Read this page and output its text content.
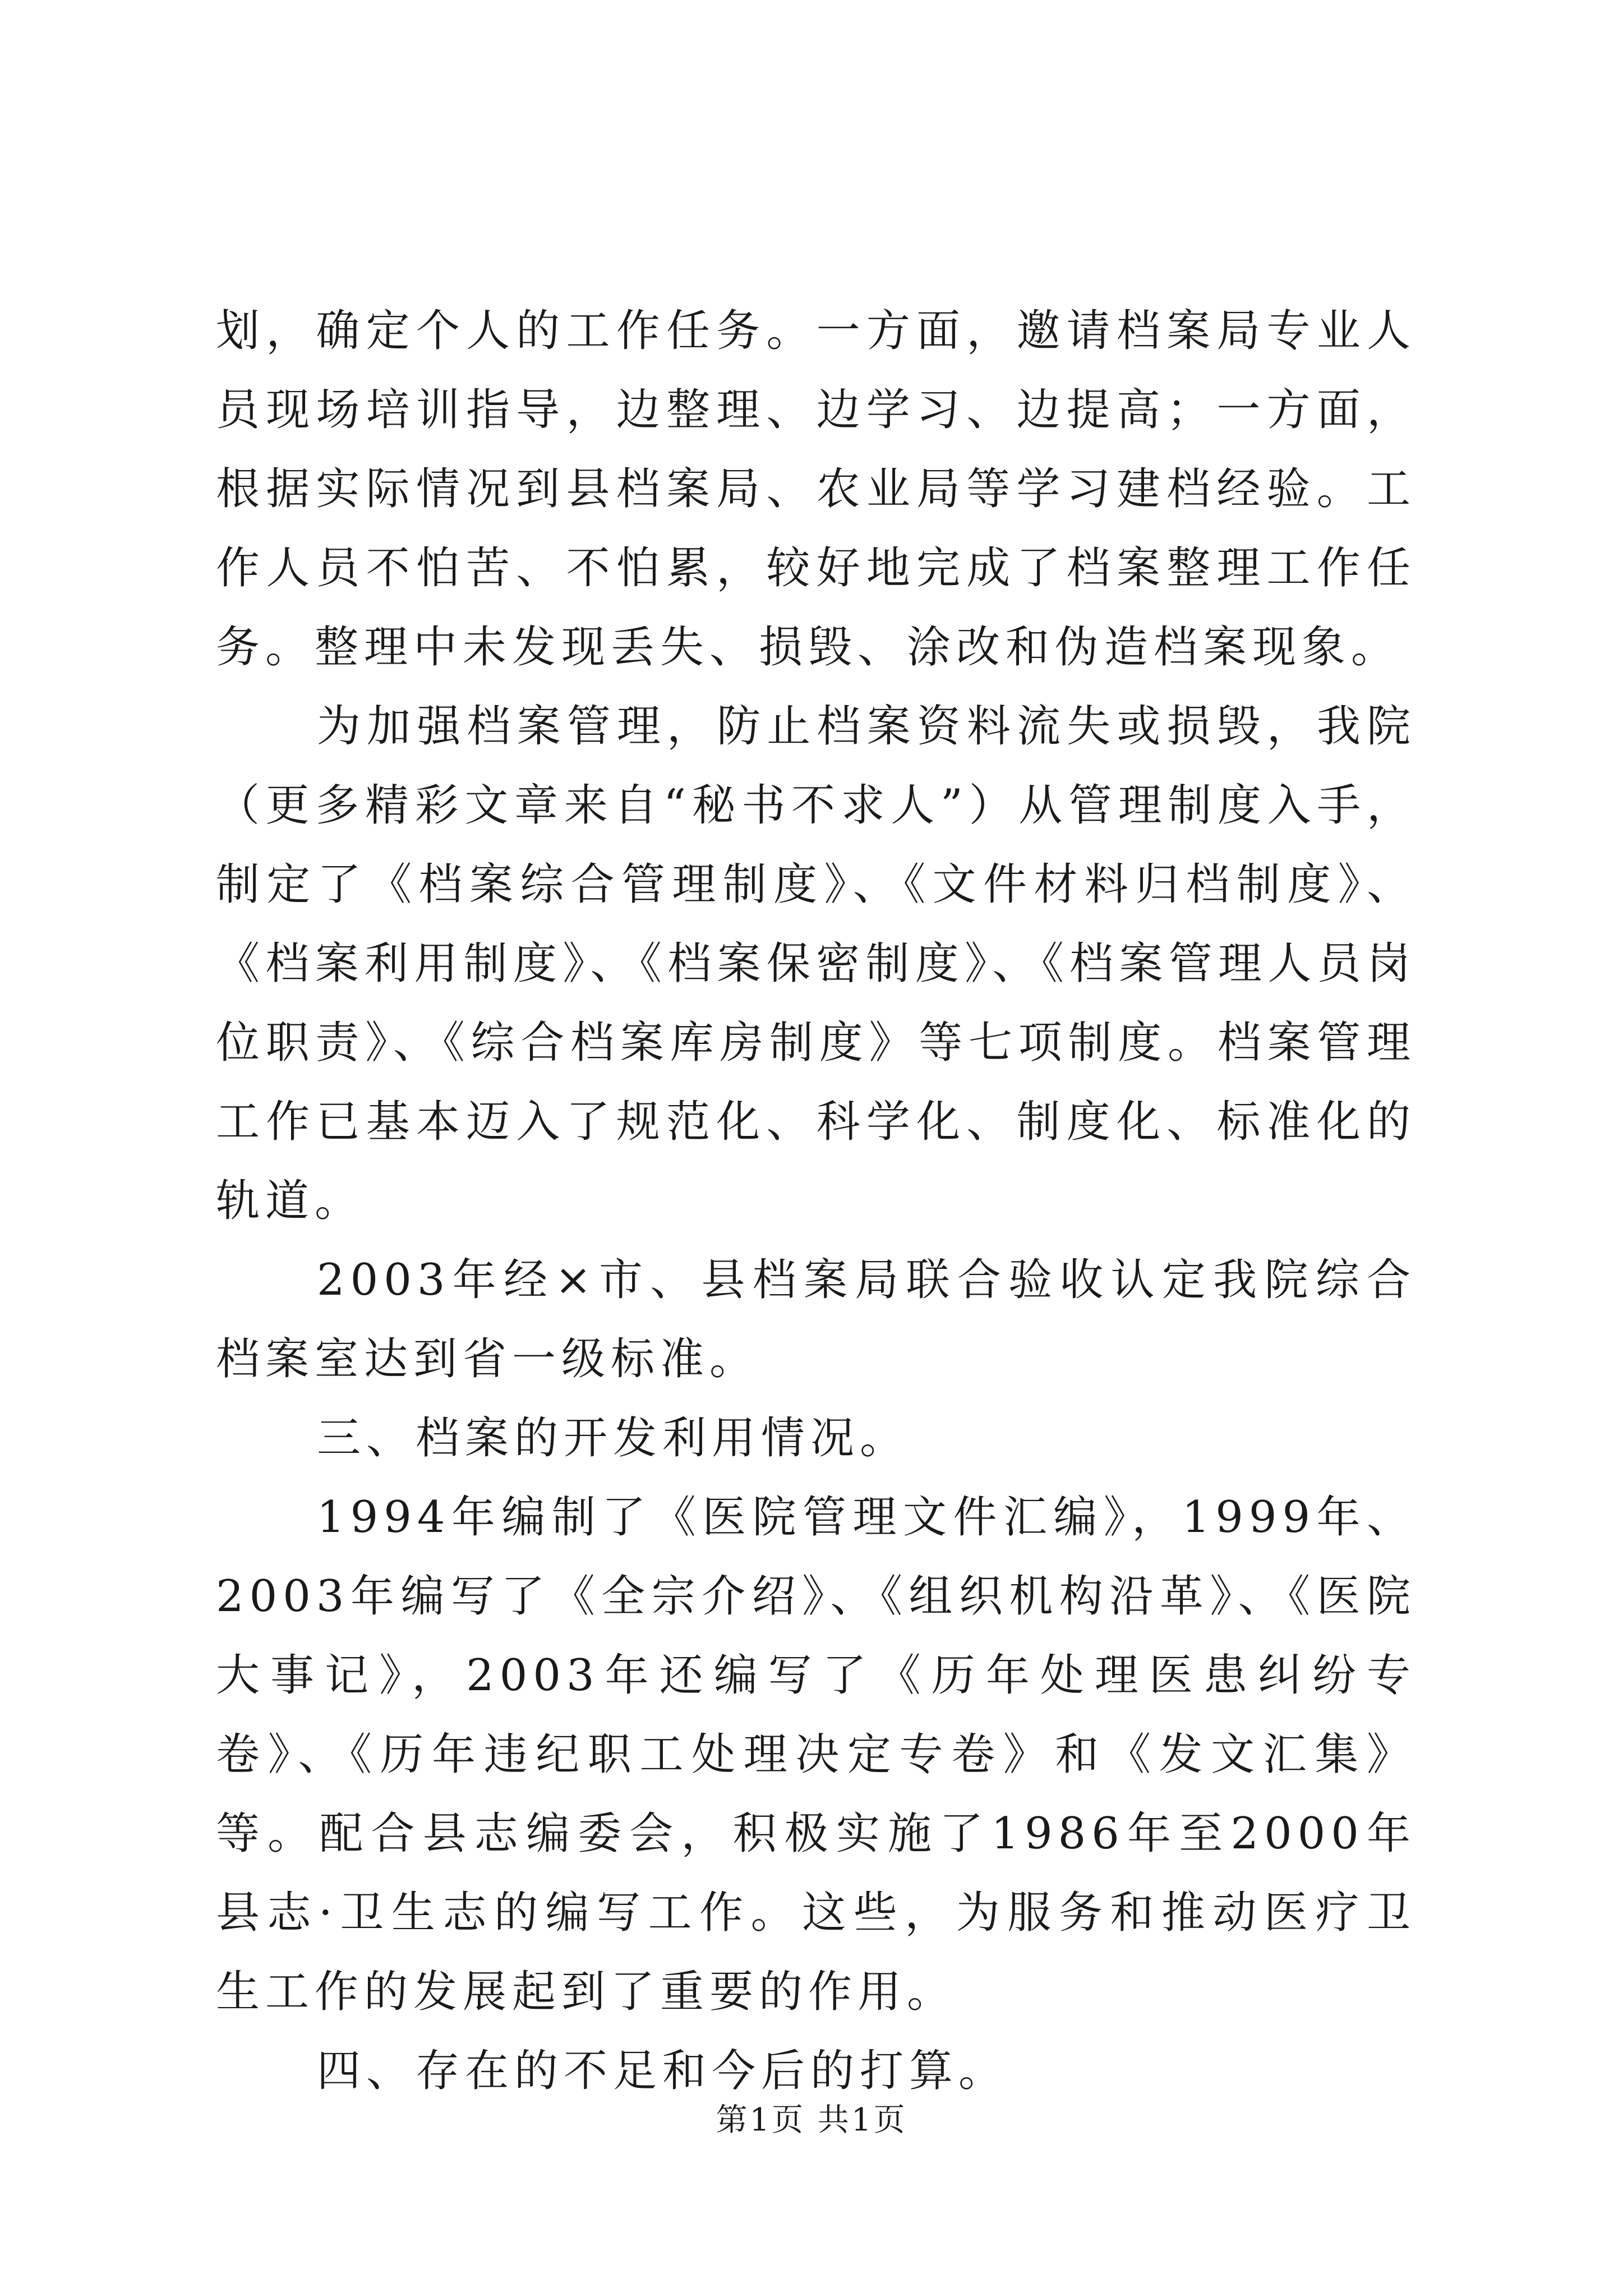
划，确定个人的工作任务。一方面，邀请档案局专业人员现场培训指导，边整理、边学习、边提高；一方面，根据实际情况到县档案局、农业局等学习建档经验。工作人员不怕苦、不怕累，较好地完成了档案整理工作任务。整理中未发现丢失、损毁、涂改和伪造档案现象。

为加强档案管理，防止档案资料流失或损毁，我院（更多精彩文章来自“秘书不求人”）从管理制度入手，制定了《档案综合管理制度》、《文件材料归档制度》、《档案利用制度》、《档案保密制度》、《档案管理人员岗位职责》、《综合档案库房制度》等七项制度。档案管理工作已基本迈入了规范化、科学化、制度化、标准化的轨道。

2003年经×市、县档案局联合验收认定我院综合档案室达到省一级标准。

三、档案的开发利用情况。

1994年编制了《医院管理文件汇编》，1999年、2003年编写了《全宗介绍》、《组织机构沿革》、《医院大事记》，2003年还编写了《历年处理医患纠纷专卷》、《历年违纪职工处理决定专卷》和《发文汇集》等。配合县志编委会，积极实施了1986年至2000年县志·卫生志的编写工作。这些，为服务和推动医疗卫生工作的发展起到了重要的作用。

四、存在的不足和今后的打算。

第1页 共1页
